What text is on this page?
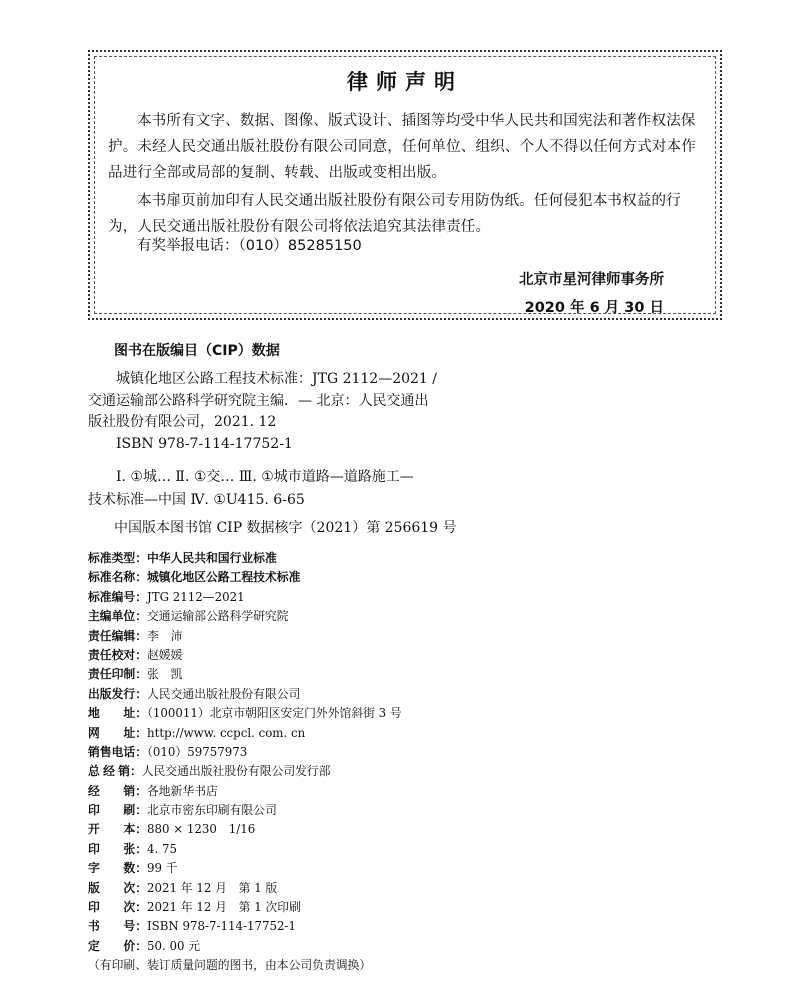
律师声明
本书所有文字、数据、图像、版式设计、插图等均受中华人民共和国宪法和著作权法保护。未经人民交通出版社股份有限公司同意，任何单位、组织、个人不得以任何方式对本作品进行全部或局部的复制、转载、出版或变相出版。
本书扉页前加印有人民交通出版社股份有限公司专用防伪纸。任何侵犯本书权益的行为，人民交通出版社股份有限公司将依法追究其法律责任。
有奖举报电话：（010）85285150
北京市星河律师事务所
2020 年 6 月 30 日
图书在版编目（CIP）数据
城镇化地区公路工程技术标准：JTG 2112—2021 /
交通运输部公路科学研究院主编．— 北京：人民交通出
版社股份有限公司，2021. 12
ISBN 978-7-114-17752-1
Ⅰ. ①城… Ⅱ. ①交… Ⅲ. ①城市道路—道路施工—
技术标准—中国 Ⅳ. ①U415. 6-65
中国版本图书馆 CIP 数据核字（2021）第 256619 号
标准类型：中华人民共和国行业标准
标准名称：城镇化地区公路工程技术标准
标准编号：JTG 2112—2021
主编单位：交通运输部公路科学研究院
责任编辑：李　沛
责任校对：赵媛媛
责任印制：张　凯
出版发行：人民交通出版社股份有限公司
地　　址：（100011）北京市朝阳区安定门外外馆斜街 3 号
网　　址：http://www. ccpcl. com. cn
销售电话：（010）59757973
总 经 销：人民交通出版社股份有限公司发行部
经　　销：各地新华书店
印　　刷：北京市密东印刷有限公司
开　　本：880 × 1230　1/16
印　　张：4. 75
字　　数：99 千
版　　次：2021 年 12 月　第 1 版
印　　次：2021 年 12 月　第 1 次印刷
书　　号：ISBN 978-7-114-17752-1
定　　价：50. 00 元
（有印刷、装订质量问题的图书，由本公司负责调换）
